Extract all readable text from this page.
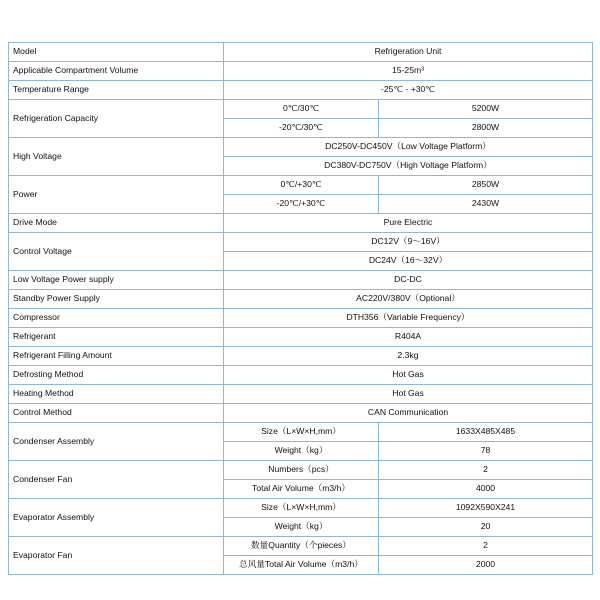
Model	Refrigeration Unit	
Applicable Compartment Volume	15-25m³	
Temperature Range	-25℃ - +30℃	
Refrigeration Capacity	0℃/30℃	5200W
	-20℃/30℃	2800W
High Voltage	DC250V-DC450V（Low Voltage Platform）	
	DC380V-DC750V（High Voltage Platform）	
Power	0℃/+30℃	2850W
	-20℃/+30℃	2430W
Drive Mode	Pure Electric	
Control Voltage	DC12V（9～16V）	
	DC24V（16～32V）	
Low Voltage Power supply	DC-DC	
Standby Power Supply	AC220V/380V（Optional）	
Compressor	DTH356（Variable Frequency）	
Refrigerant	R404A	
Refrigerant Filling Amount	2.3kg	
Defrosting Method	Hot Gas	
Heating Method	Hot Gas	
Control Method	CAN Communication	
Condenser Assembly	Size（L×W×H,mm）	1633X485X485
	Weight（kg）	78
Condenser Fan	Numbers（pcs）	2
	Total Air Volume（m3/h）	4000
Evaporator Assembly	Size（L×W×H,mm）	1092X590X241
	Weight（kg）	20
Evaporator Fan	数量Quantity（个pieces）	2
	总风量Total Air Volume（m3/h）	2000
